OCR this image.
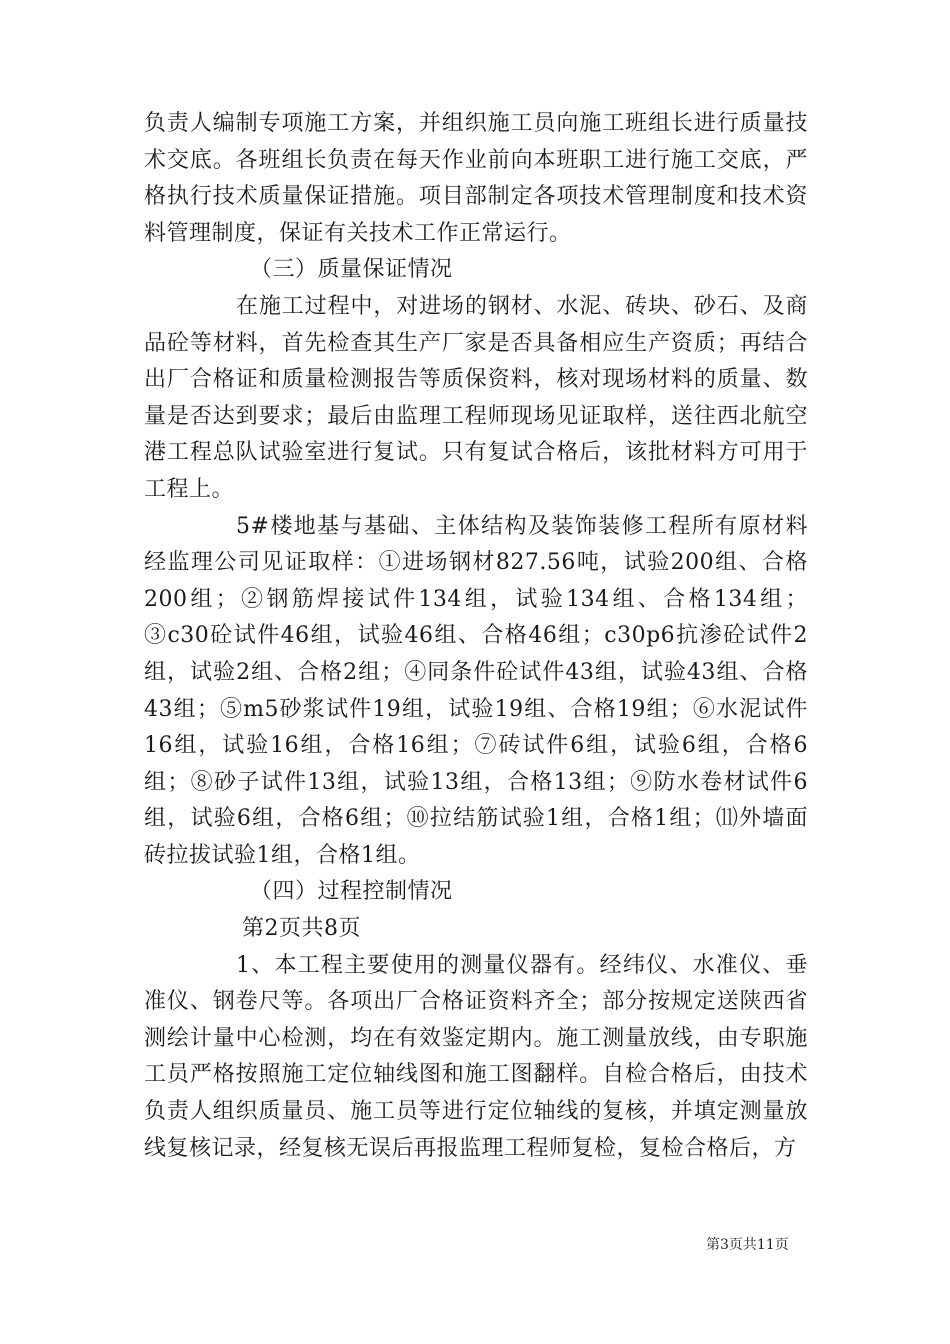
负责人编制专项施工方案，并组织施工员向施工班组长进行质量技术交底。各班组长负责在每天作业前向本班职工进行施工交底，严格执行技术质量保证措施。项目部制定各项技术管理制度和技术资料管理制度，保证有关技术工作正常运行。

（三）质量保证情况

在施工过程中，对进场的钢材、水泥、砖块、砂石、及商品砼等材料，首先检查其生产厂家是否具备相应生产资质；再结合出厂合格证和质量检测报告等质保资料，核对现场材料的质量、数量是否达到要求；最后由监理工程师现场见证取样，送往西北航空港工程总队试验室进行复试。只有复试合格后，该批材料方可用于工程上。

5#楼地基与基础、主体结构及装饰装修工程所有原材料经监理公司见证取样：①进场钢材827.56吨，试验200组、合格200组；②钢筋焊接试件134组，试验134组、合格134组；③c30砼试件46组，试验46组、合格46组；c30p6抗渗砼试件2组，试验2组、合格2组；④同条件砼试件43组，试验43组、合格43组；⑤m5砂浆试件19组，试验19组、合格19组；⑥水泥试件16组，试验16组，合格16组；⑦砖试件6组，试验6组，合格6组；⑧砂子试件13组，试验13组，合格13组；⑨防水卷材试件6组，试验6组，合格6组；⑩拉结筋试验1组，合格1组；⑾外墙面砖拉拔试验1组，合格1组。

（四）过程控制情况

第2页共8页

1、本工程主要使用的测量仪器有。经纬仪、水准仪、垂准仪、钢卷尺等。各项出厂合格证资料齐全；部分按规定送陕西省测绘计量中心检测，均在有效鉴定期内。施工测量放线，由专职施工员严格按照施工定位轴线图和施工图翻样。自检合格后，由技术负责人组织质量员、施工员等进行定位轴线的复核，并填定测量放线复核记录，经复核无误后再报监理工程师复检，复检合格后，方

第3页共11页
